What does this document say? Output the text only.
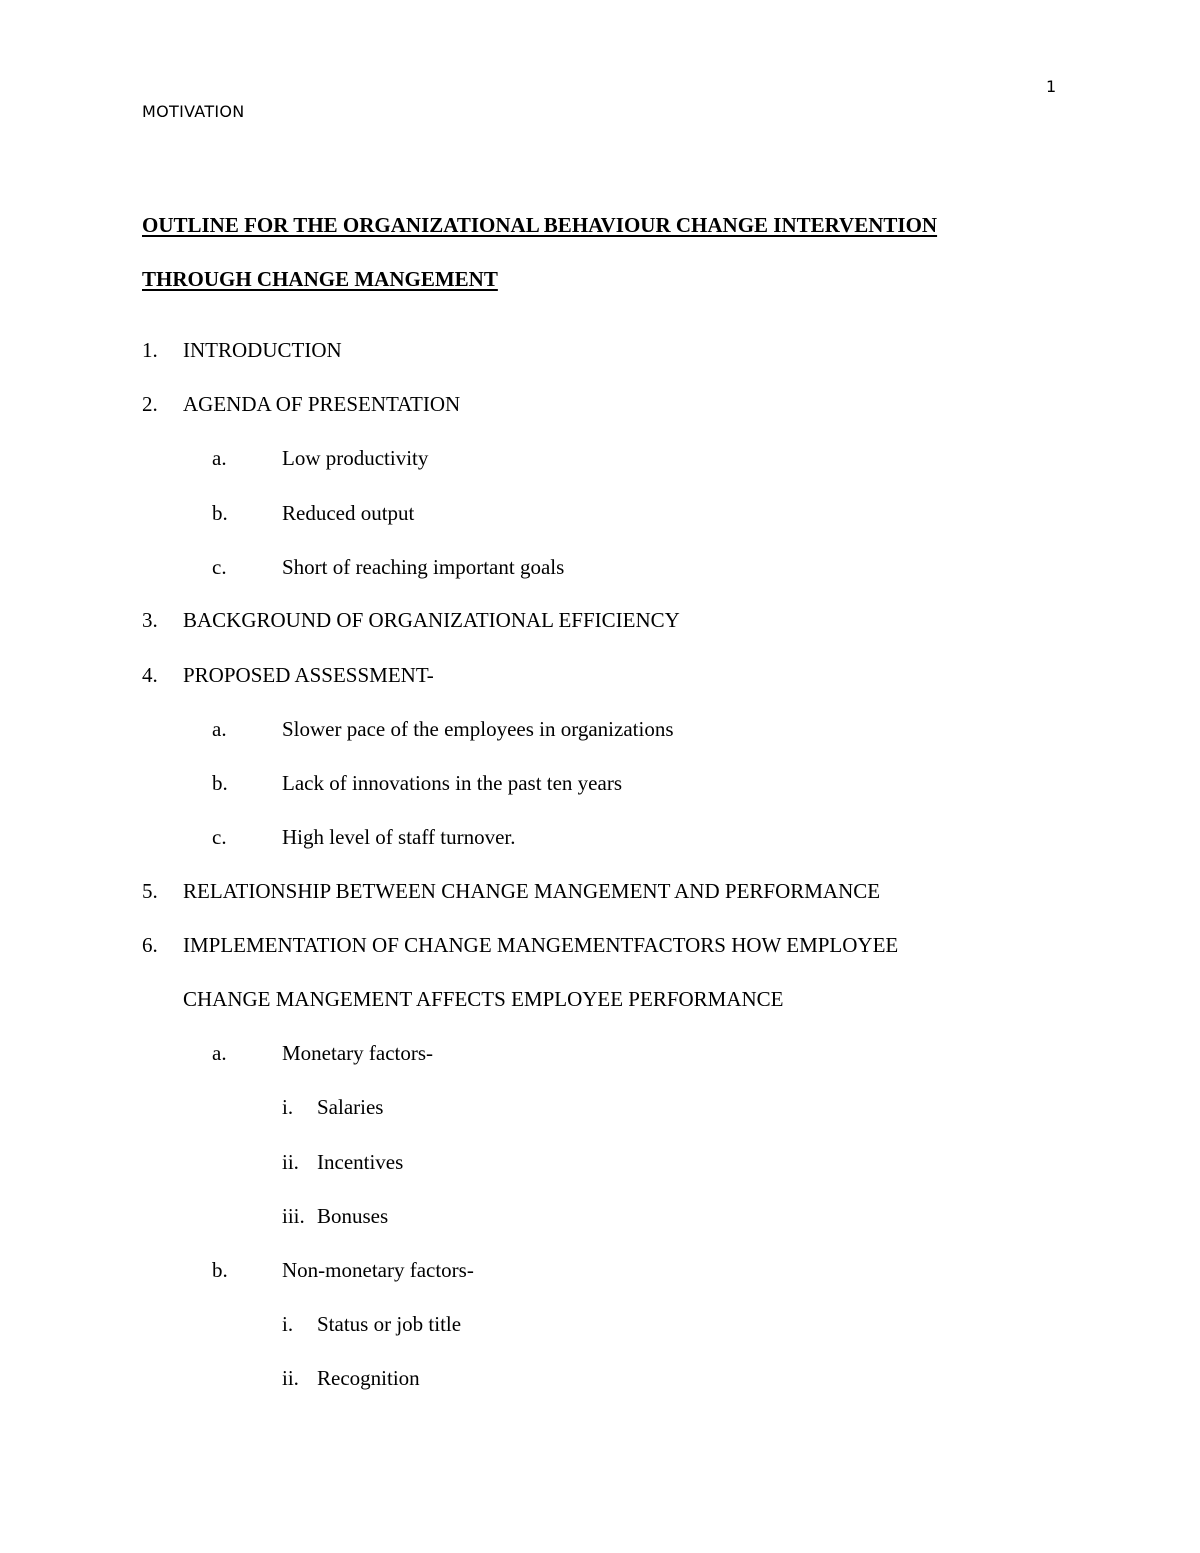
MOTIVATION
1
OUTLINE FOR THE ORGANIZATIONAL BEHAVIOUR CHANGE INTERVENTION
THROUGH CHANGE MANGEMENT
1. INTRODUCTION
2. AGENDA OF PRESENTATION
a.	Low productivity
b.	Reduced output
c.	Short of reaching important goals
3. BACKGROUND OF ORGANIZATIONAL EFFICIENCY
4. PROPOSED ASSESSMENT-
a.	Slower pace of the employees in organizations
b.	Lack of innovations in the past ten years
c.	High level of staff turnover.
5. RELATIONSHIP BETWEEN CHANGE MANGEMENT AND PERFORMANCE
6. IMPLEMENTATION OF CHANGE MANGEMENTFACTORS HOW EMPLOYEE
CHANGE MANGEMENT AFFECTS EMPLOYEE PERFORMANCE
a.	Monetary factors-
i. Salaries
ii. Incentives
iii. Bonuses
b.	Non-monetary factors-
i. Status or job title
ii. Recognition
